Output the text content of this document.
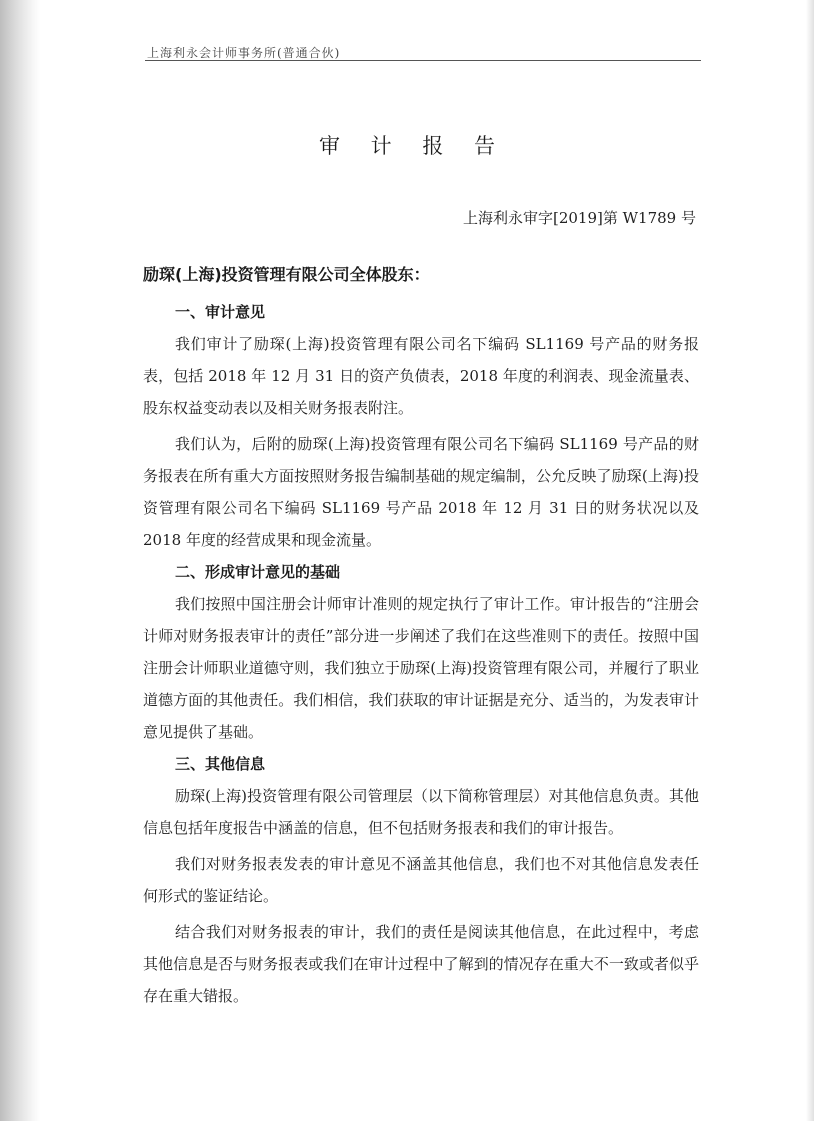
上海利永会计师事务所(普通合伙)
审 计 报 告
上海利永审字[2019]第 W1789 号
励琛(上海)投资管理有限公司全体股东：

一、审计意见

我们审计了励琛(上海)投资管理有限公司名下编码 SL1169 号产品的财务报表，包括 2018 年 12 月 31 日的资产负债表，2018 年度的利润表、现金流量表、股东权益变动表以及相关财务报表附注。

我们认为，后附的励琛(上海)投资管理有限公司名下编码 SL1169 号产品的财务报表在所有重大方面按照财务报告编制基础的规定编制，公允反映了励琛(上海)投资管理有限公司名下编码 SL1169 号产品 2018 年 12 月 31 日的财务状况以及 2018 年度的经营成果和现金流量。

二、形成审计意见的基础

我们按照中国注册会计师审计准则的规定执行了审计工作。审计报告的“注册会计师对财务报表审计的责任”部分进一步阐述了我们在这些准则下的责任。按照中国注册会计师职业道德守则，我们独立于励琛(上海)投资管理有限公司，并履行了职业道德方面的其他责任。我们相信，我们获取的审计证据是充分、适当的，为发表审计意见提供了基础。

三、其他信息

励琛(上海)投资管理有限公司管理层（以下简称管理层）对其他信息负责。其他信息包括年度报告中涵盖的信息，但不包括财务报表和我们的审计报告。

我们对财务报表发表的审计意见不涵盖其他信息，我们也不对其他信息发表任何形式的鉴证结论。

结合我们对财务报表的审计，我们的责任是阅读其他信息，在此过程中，考虑其他信息是否与财务报表或我们在审计过程中了解到的情况存在重大不一致或者似乎存在重大错报。
